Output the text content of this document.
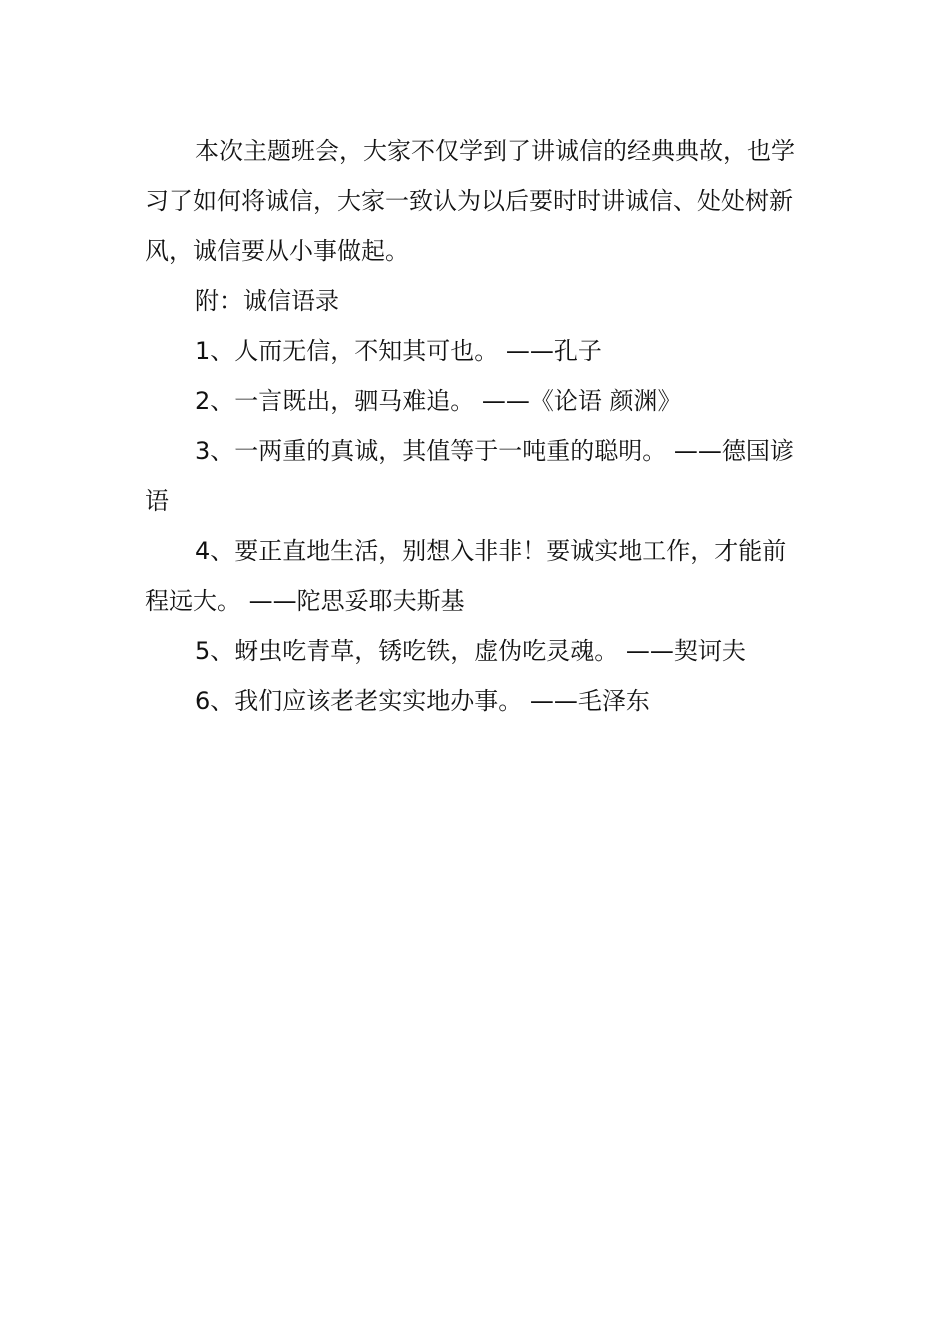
本次主题班会，大家不仅学到了讲诚信的经典典故，也学习了如何将诚信，大家一致认为以后要时时讲诚信、处处树新风，诚信要从小事做起。

附：诚信语录

1、人而无信，不知其可也。 ——孔子

2、一言既出，驷马难追。 ——《论语 颜渊》

3、一两重的真诚，其值等于一吨重的聪明。 ——德国谚语

4、要正直地生活，别想入非非！要诚实地工作，才能前程远大。 ——陀思妥耶夫斯基

5、蚜虫吃青草，锈吃铁，虚伪吃灵魂。 ——契诃夫

6、我们应该老老实实地办事。 ——毛泽东
